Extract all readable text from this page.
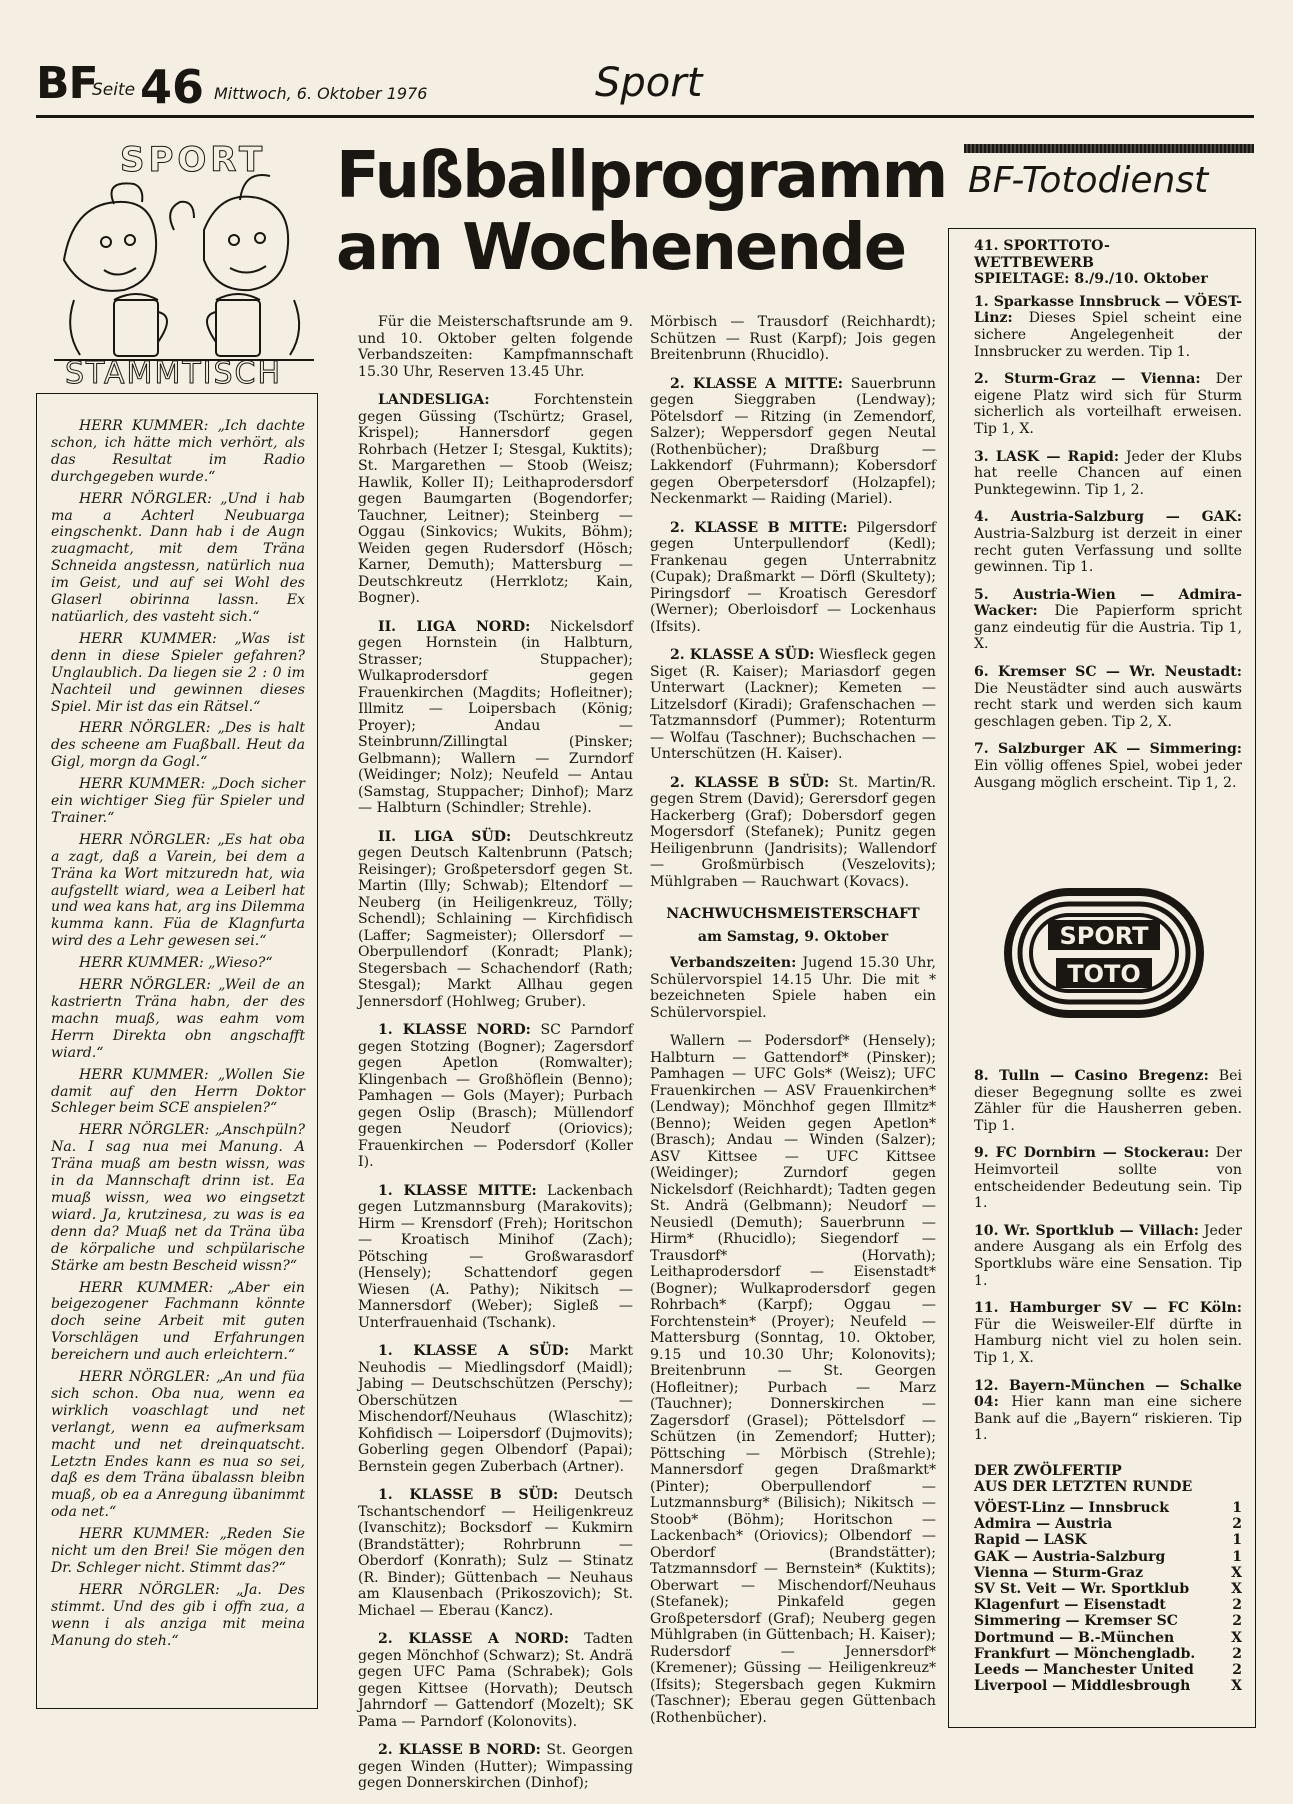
BF
Seite 46 Mittwoch, 6. Oktober 1976	Sport
SPORT
STAMMTISCH

HERR KUMMER: „Ich dachte schon, ich hätte mich verhört, als das Resultat im Radio durchgegeben wurde.“

HERR NÖRGLER: „Und i hab ma a Achterl Neubuarga eingschenkt. Dann hab i de Augn zuagmacht, mit dem Träna Schneida angstessn, natürlich nua im Geist, und auf sei Wohl des Glaserl obirinna lassn. Ex natüarlich, des vasteht sich.“

HERR KUMMER: „Was ist denn in diese Spieler gefahren? Unglaublich. Da liegen sie 2 : 0 im Nachteil und gewinnen dieses Spiel. Mir ist das ein Rätsel.“

HERR NÖRGLER: „Des is halt des scheene am Fuaßball. Heut da Gigl, morgn da Gogl.“

HERR KUMMER: „Doch sicher ein wichtiger Sieg für Spieler und Trainer.“

HERR NÖRGLER: „Es hat oba a zagt, daß a Varein, bei dem a Träna ka Wort mitzuredn hat, wia aufgstellt wiard, wea a Leiberl hat und wea kans hat, arg ins Dilemma kumma kann. Füa de Klagnfurta wird des a Lehr gewesen sei.“

HERR KUMMER: „Wieso?“

HERR NÖRGLER: „Weil de an kastriertn Träna habn, der des machn muaß, was eahm vom Herrn Direkta obn angschafft wiard.“

HERR KUMMER: „Wollen Sie damit auf den Herrn Doktor Schleger beim SCE anspielen?“

HERR NÖRGLER: „Anschpüln? Na. I sag nua mei Manung. A Träna muaß am bestn wissn, was in da Mannschaft drinn ist. Ea muaß wissn, wea wo eingsetzt wiard. Ja, krutzinesa, zu was is ea denn da? Muaß net da Träna üba de körpaliche und schpülarische Stärke am bestn Bescheid wissn?“

HERR KUMMER: „Aber ein beigezogener Fachmann könnte doch seine Arbeit mit guten Vorschlägen und Erfahrungen bereichern und auch erleichtern.“

HERR NÖRGLER: „An und füa sich schon. Oba nua, wenn ea wirklich voaschlagt und net verlangt, wenn ea aufmerksam macht und net dreinquatscht. Letztn Endes kann es nua so sei, daß es dem Träna übalassn bleibn muaß, ob ea a Anregung übanimmt oda net.“

HERR KUMMER: „Reden Sie nicht um den Brei! Sie mögen den Dr. Schleger nicht. Stimmt das?“

HERR NÖRGLER: „Ja. Des stimmt. Und des gib i offn zua, a wenn i als anziga mit meina Manung do steh.“

Fußballprogramm
am Wochenende

Für die Meisterschaftsrunde am 9. und 10. Oktober gelten folgende Verbandszeiten: Kampfmannschaft 15.30 Uhr, Reserven 13.45 Uhr.

LANDESLIGA:	Forchtenstein gegen Güssing (Tschürtz; Grasel, Krispel); Hannersdorf gegen Rohrbach (Hetzer I; Stesgal, Kuktits); St. Margarethen — Stoob (Weisz; Hawlik, Koller II); Leithaprodersdorf gegen Baumgarten (Bogendorfer; Tauchner, Leitner); Steinberg — Oggau (Sinkovics; Wukits, Böhm); Weiden gegen Rudersdorf (Hösch; Karner, Demuth); Mattersburg — Deutschkreutz (Herrklotz; Kain, Bogner).

II. LIGA NORD: Nickelsdorf gegen Hornstein (in Halbturn, Strasser; Stuppacher); Wulkaprodersdorf gegen Frauenkirchen (Magdits; Hofleitner); Illmitz — Loipersbach (König; Proyer); Andau — Steinbrunn/Zillingtal (Pinsker; Gelbmann); Wallern — Zurndorf (Weidinger; Nolz); Neufeld — Antau (Samstag, Stuppacher; Dinhof); Marz — Halbturn (Schindler; Strehle).

II. LIGA SÜD: Deutschkreutz gegen Deutsch Kaltenbrunn (Patsch; Reisinger); Großpetersdorf gegen St. Martin (Illy; Schwab); Eltendorf — Neuberg (in Heiligenkreuz, Tölly; Schendl); Schlaining — Kirchfidisch (Laffer; Sagmeister); Ollersdorf — Oberpullendorf (Konradt; Plank); Stegersbach — Schachendorf (Rath; Stesgal); Markt Allhau gegen Jennersdorf (Hohlweg; Gruber).

1. KLASSE NORD: SC Parndorf gegen Stotzing (Bogner); Zagersdorf gegen Apetlon (Romwalter); Klingenbach — Großhöflein (Benno); Pamhagen — Gols (Mayer); Purbach gegen Oslip (Brasch); Müllendorf gegen Neudorf (Oriovics); Frauenkirchen — Podersdorf (Koller I).

1. KLASSE MITTE: Lackenbach gegen Lutzmannsburg (Marakovits); Hirm — Krensdorf (Freh); Horitschon — Kroatisch Minihof (Zach); Pötsching — Großwarasdorf (Hensely); Schattendorf gegen Wiesen (A. Pathy); Nikitsch — Mannersdorf (Weber); Sigleß — Unterfrauenhaid (Tschank).

1. KLASSE A SÜD: Markt Neuhodis — Miedlingsdorf (Maidl); Jabing — Deutschschützen (Perschy); Oberschützen — Mischendorf/Neuhaus (Wlaschitz); Kohfidisch — Loipersdorf (Dujmovits); Goberling gegen Olbendorf (Papai); Bernstein gegen Zuberbach (Artner).

1. KLASSE B SÜD: Deutsch Tschantschendorf — Heiligenkreuz (Ivanschitz); Bocksdorf — Kukmirn (Brandstätter); Rohrbrunn — Oberdorf (Konrath); Sulz — Stinatz (R. Binder); Güttenbach — Neuhaus am Klausenbach (Prikoszovich); St. Michael — Eberau (Kancz).

2. KLASSE A NORD: Tadten gegen Mönchhof (Schwarz); St. Andrä gegen UFC Pama (Schrabek); Gols gegen Kittsee (Horvath); Deutsch Jahrndorf — Gattendorf (Mozelt); SK Pama — Parndorf (Kolonovits).

2. KLASSE B NORD: St. Georgen gegen Winden (Hutter); Wimpassing gegen Donnerskirchen (Dinhof);

Mörbisch — Trausdorf (Reichhardt); Schützen — Rust (Karpf); Jois gegen Breitenbrunn (Rhucidlo).

2. KLASSE A MITTE: Sauerbrunn gegen Sieggraben (Lendway); Pötelsdorf — Ritzing (in Zemendorf, Salzer); Weppersdorf gegen Neutal (Rothenbücher); Draßburg — Lakkendorf (Fuhrmann); Kobersdorf gegen Oberpetersdorf (Holzapfel); Neckenmarkt — Raiding (Mariel).

2. KLASSE B MITTE: Pilgersdorf gegen Unterpullendorf (Kedl); Frankenau gegen Unterrabnitz (Cupak); Draßmarkt — Dörfl (Skultety); Piringsdorf — Kroatisch Geresdorf (Werner); Oberloisdorf — Lockenhaus (Ifsits).

2. KLASSE A SÜD: Wiesfleck gegen Siget (R. Kaiser); Mariasdorf gegen Unterwart (Lackner); Kemeten — Litzelsdorf (Kiradi); Grafenschachen — Tatzmannsdorf (Pummer); Rotenturm — Wolfau (Taschner); Buchschachen — Unterschützen (H. Kaiser).

2. KLASSE B SÜD: St. Martin/R. gegen Strem (David); Gerersdorf gegen Hackerberg (Graf); Dobersdorf gegen Mogersdorf (Stefanek); Punitz gegen Heiligenbrunn (Jandrisits); Wallendorf — Großmürbisch (Veszelovits); Mühlgraben — Rauchwart (Kovacs).

NACHWUCHSMEISTERSCHAFT
am Samstag, 9. Oktober

Verbandszeiten: Jugend 15.30 Uhr, Schülervorspiel 14.15 Uhr. Die mit * bezeichneten Spiele haben ein Schülervorspiel.

Wallern — Podersdorf* (Hensely); Halbturn — Gattendorf* (Pinsker); Pamhagen — UFC Gols* (Weisz); UFC Frauenkirchen — ASV Frauenkirchen* (Lendway); Mönchhof gegen Illmitz* (Benno); Weiden gegen Apetlon* (Brasch); Andau — Winden (Salzer); ASV Kittsee — UFC Kittsee (Weidinger); Zurndorf gegen Nickelsdorf (Reichhardt); Tadten gegen St. Andrä (Gelbmann); Neudorf — Neusiedl (Demuth); Sauerbrunn — Hirm* (Rhucidlo); Siegendorf — Trausdorf* (Horvath); Leithaprodersdorf — Eisenstadt* (Bogner); Wulkaprodersdorf gegen Rohrbach* (Karpf); Oggau — Forchtenstein* (Proyer); Neufeld — Mattersburg (Sonntag, 10. Oktober, 9.15 und 10.30 Uhr; Kolonovits); Breitenbrunn — St. Georgen (Hofleitner); Purbach — Marz (Tauchner); Donnerskirchen — Zagersdorf (Grasel); Pöttelsdorf — Schützen (in Zemendorf; Hutter); Pöttsching — Mörbisch (Strehle); Mannersdorf gegen Draßmarkt* (Pinter); Oberpullendorf — Lutzmannsburg* (Bilisich); Nikitsch — Stoob* (Böhm); Horitschon — Lackenbach* (Oriovics); Olbendorf — Oberdorf (Brandstätter); Tatzmannsdorf — Bernstein* (Kuktits); Oberwart — Mischendorf/Neuhaus (Stefanek); Pinkafeld gegen Großpetersdorf (Graf); Neuberg gegen Mühlgraben (in Güttenbach; H. Kaiser); Rudersdorf — Jennersdorf* (Kremener); Güssing — Heiligenkreuz* (Ifsits); Stegersbach gegen Kukmirn (Taschner); Eberau gegen Güttenbach (Rothenbücher).

BF-Totodienst
41. SPORTTOTO-
WETTBEWERB

SPIELTAGE: 8./9./10. Oktober

1. Sparkasse Innsbruck — VÖEST-Linz: Dieses Spiel scheint eine sichere Angelegenheit der Innsbrucker zu werden. Tip 1.

2. Sturm-Graz — Vienna: Der eigene Platz wird sich für Sturm sicherlich als vorteilhaft erweisen. Tip 1, X.

3. LASK — Rapid: Jeder der Klubs hat reelle Chancen auf einen Punktegewinn. Tip 1, 2.

4. Austria-Salzburg — GAK: Austria-Salzburg ist derzeit in einer recht guten Verfassung und sollte gewinnen. Tip 1.

5. Austria-Wien — Admira-Wacker: Die Papierform spricht ganz eindeutig für die Austria. Tip 1, X.

6. Kremser SC — Wr. Neustadt: Die Neustädter sind auch auswärts recht stark und werden sich kaum geschlagen geben. Tip 2, X.

7. Salzburger AK — Simmering: Ein völlig offenes Spiel, wobei jeder Ausgang möglich erscheint. Tip 1, 2.

SPORT
TOTO

8. Tulln — Casino Bregenz: Bei dieser Begegnung sollte es zwei Zähler für die Hausherren geben. Tip 1.

9. FC Dornbirn — Stockerau: Der Heimvorteil sollte von entscheidender Bedeutung sein. Tip 1.

10. Wr. Sportklub — Villach: Jeder andere Ausgang als ein Erfolg des Sportklubs wäre eine Sensation. Tip 1.

11. Hamburger SV — FC Köln: Für die Weisweiler-Elf dürfte in Hamburg nicht viel zu holen sein. Tip 1, X.

12. Bayern-München — Schalke 04: Hier kann man eine sichere Bank auf die „Bayern“ riskieren. Tip 1.

DER ZWÖLFERTIP
AUS DER LETZTEN RUNDE
VÖEST-Linz — Innsbruck	1
Admira — Austria	2
Rapid — LASK	1
GAK — Austria-Salzburg	1
Vienna — Sturm-Graz	X
SV St. Veit — Wr. Sportklub	X
Klagenfurt — Eisenstadt	2
Simmering — Kremser SC	2
Dortmund — B.-München	X
Frankfurt — Mönchengladb.	2
Leeds — Manchester United	2
Liverpool — Middlesbrough	X
